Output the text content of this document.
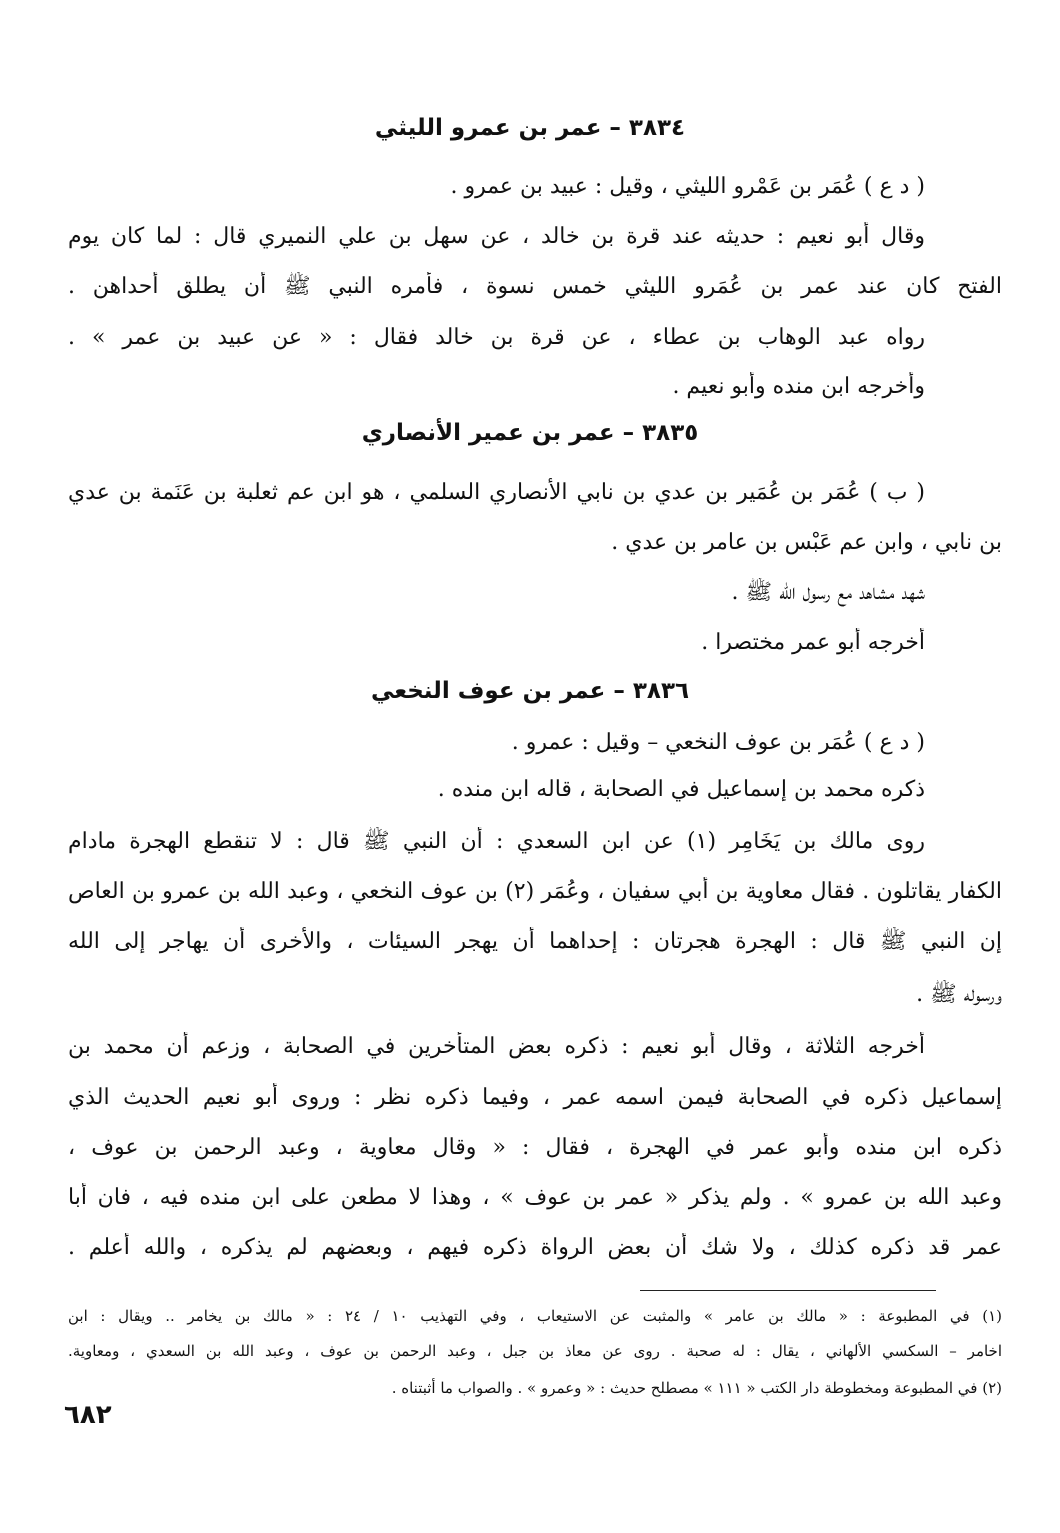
٣٨٣٤ – عمر بن عمرو الليثي
( د ع ) عُمَر بن عَمْرو الليثي ، وقيل : عبيد بن عمرو .
وقال أبو نعيم : حديثه عند قرة بن خالد ، عن سهل بن علي النميري قال : لما كان يوم
الفتح كان عند عمر بن عُمَرو الليثي خمس نسوة ، فأمره النبي ﷺ أن يطلق أحداهن .
رواه عبد الوهاب بن عطاء ، عن قرة بن خالد فقال : « عن عبيد بن عمر » .
وأخرجه ابن منده وأبو نعيم .
٣٨٣٥ – عمر بن عمير الأنصاري
( ب ) عُمَر بن عُمَير بن عدي بن نابي الأنصاري السلمي ، هو ابن عم ثعلبة بن عَنَمة بن عدي
بن نابي ، وابن عم عَبْس بن عامر بن عدي .
شهد مشاهد مع رسول الله ﷺ .
أخرجه أبو عمر مختصرا .
٣٨٣٦ – عمر بن عوف النخعي
( د ع ) عُمَر بن عوف النخعي – وقيل : عمرو .
ذكره محمد بن إسماعيل في الصحابة ، قاله ابن منده .
روى مالك بن يَخَامِر (١) عن ابن السعدي : أن النبي ﷺ قال : لا تنقطع الهجرة مادام
الكفار يقاتلون . فقال معاوية بن أبي سفيان ، وعُمَر (٢) بن عوف النخعي ، وعبد الله بن عمرو بن العاص
إن النبي ﷺ قال : الهجرة هجرتان : إحداهما أن يهجر السيئات ، والأخرى أن يهاجر إلى الله
ورسوله ﷺ .
أخرجه الثلاثة ، وقال أبو نعيم : ذكره بعض المتأخرين في الصحابة ، وزعم أن محمد بن
إسماعيل ذكره في الصحابة فيمن اسمه عمر ، وفيما ذكره نظر : وروى أبو نعيم الحديث الذي
ذكره ابن منده وأبو عمر في الهجرة ، فقال : « وقال معاوية ، وعبد الرحمن بن عوف ،
وعبد الله بن عمرو » . ولم يذكر « عمر بن عوف » ، وهذا لا مطعن على ابن منده فيه ، فان أبا
عمر قد ذكره كذلك ، ولا شك أن بعض الرواة ذكره فيهم ، وبعضهم لم يذكره ، والله أعلم .
(١) في المطبوعة : « مالك بن عامر » والمثبت عن الاستيعاب ، وفي التهذيب ١٠ / ٢٤ : « مالك بن يخامر .. ويقال : ابن
اخامر – السكسي الألهاني ، يقال : له صحبة . روى عن معاذ بن جبل ، وعبد الرحمن بن عوف ، وعبد الله بن السعدي ، ومعاوية.
(٢) في المطبوعة ومخطوطة دار الكتب « ١١١ » مصطلح حديث : « وعمرو » . والصواب ما أثبتناه .
٦٨٢
